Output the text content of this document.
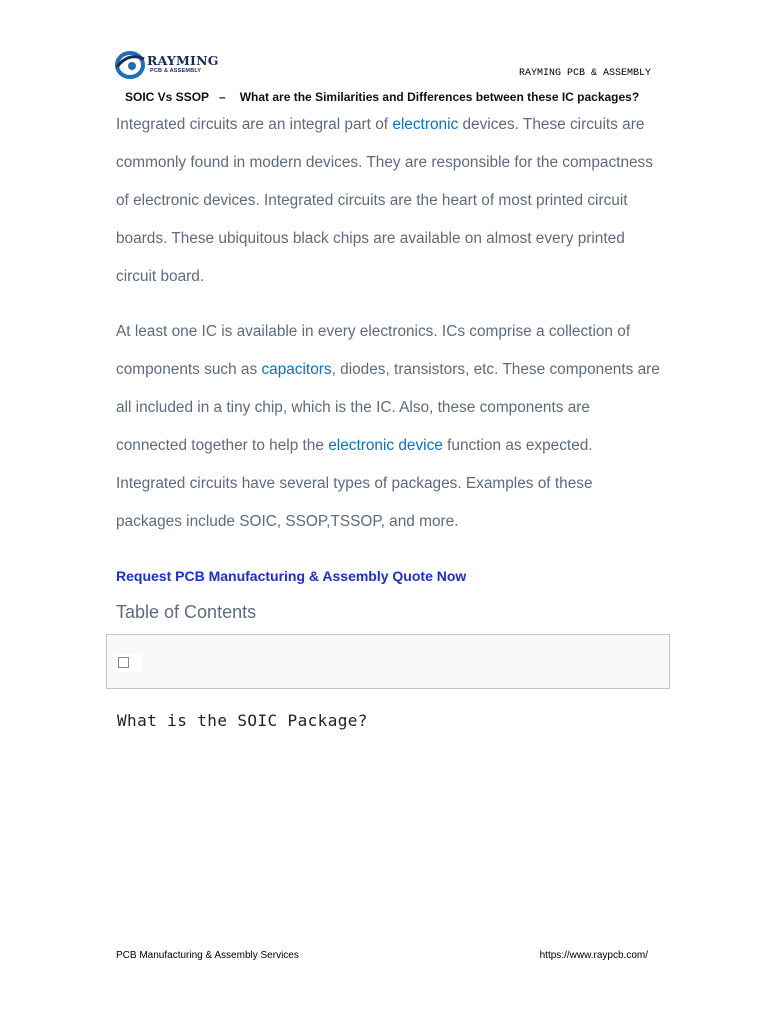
RAYMING
PCB & ASSEMBLY	RAYMING PCB & ASSEMBLY
SOIC Vs SSOP – What are the Similarities and Differences between these IC packages?

Integrated circuits are an integral part of electronic devices. These circuits are commonly found in modern devices. They are responsible for the compactness of electronic devices. Integrated circuits are the heart of most printed circuit boards. These ubiquitous black chips are available on almost every printed circuit board.

At least one IC is available in every electronics. ICs comprise a collection of components such as capacitors, diodes, transistors, etc. These components are all included in a tiny chip, which is the IC. Also, these components are connected together to help the electronic device function as expected. Integrated circuits have several types of packages. Examples of these packages include SOIC, SSOP,TSSOP, and more.

Request PCB Manufacturing & Assembly Quote Now
Table of Contents
What is the SOIC Package?
PCB Manufacturing & Assembly Services	https://www.raypcb.com/
